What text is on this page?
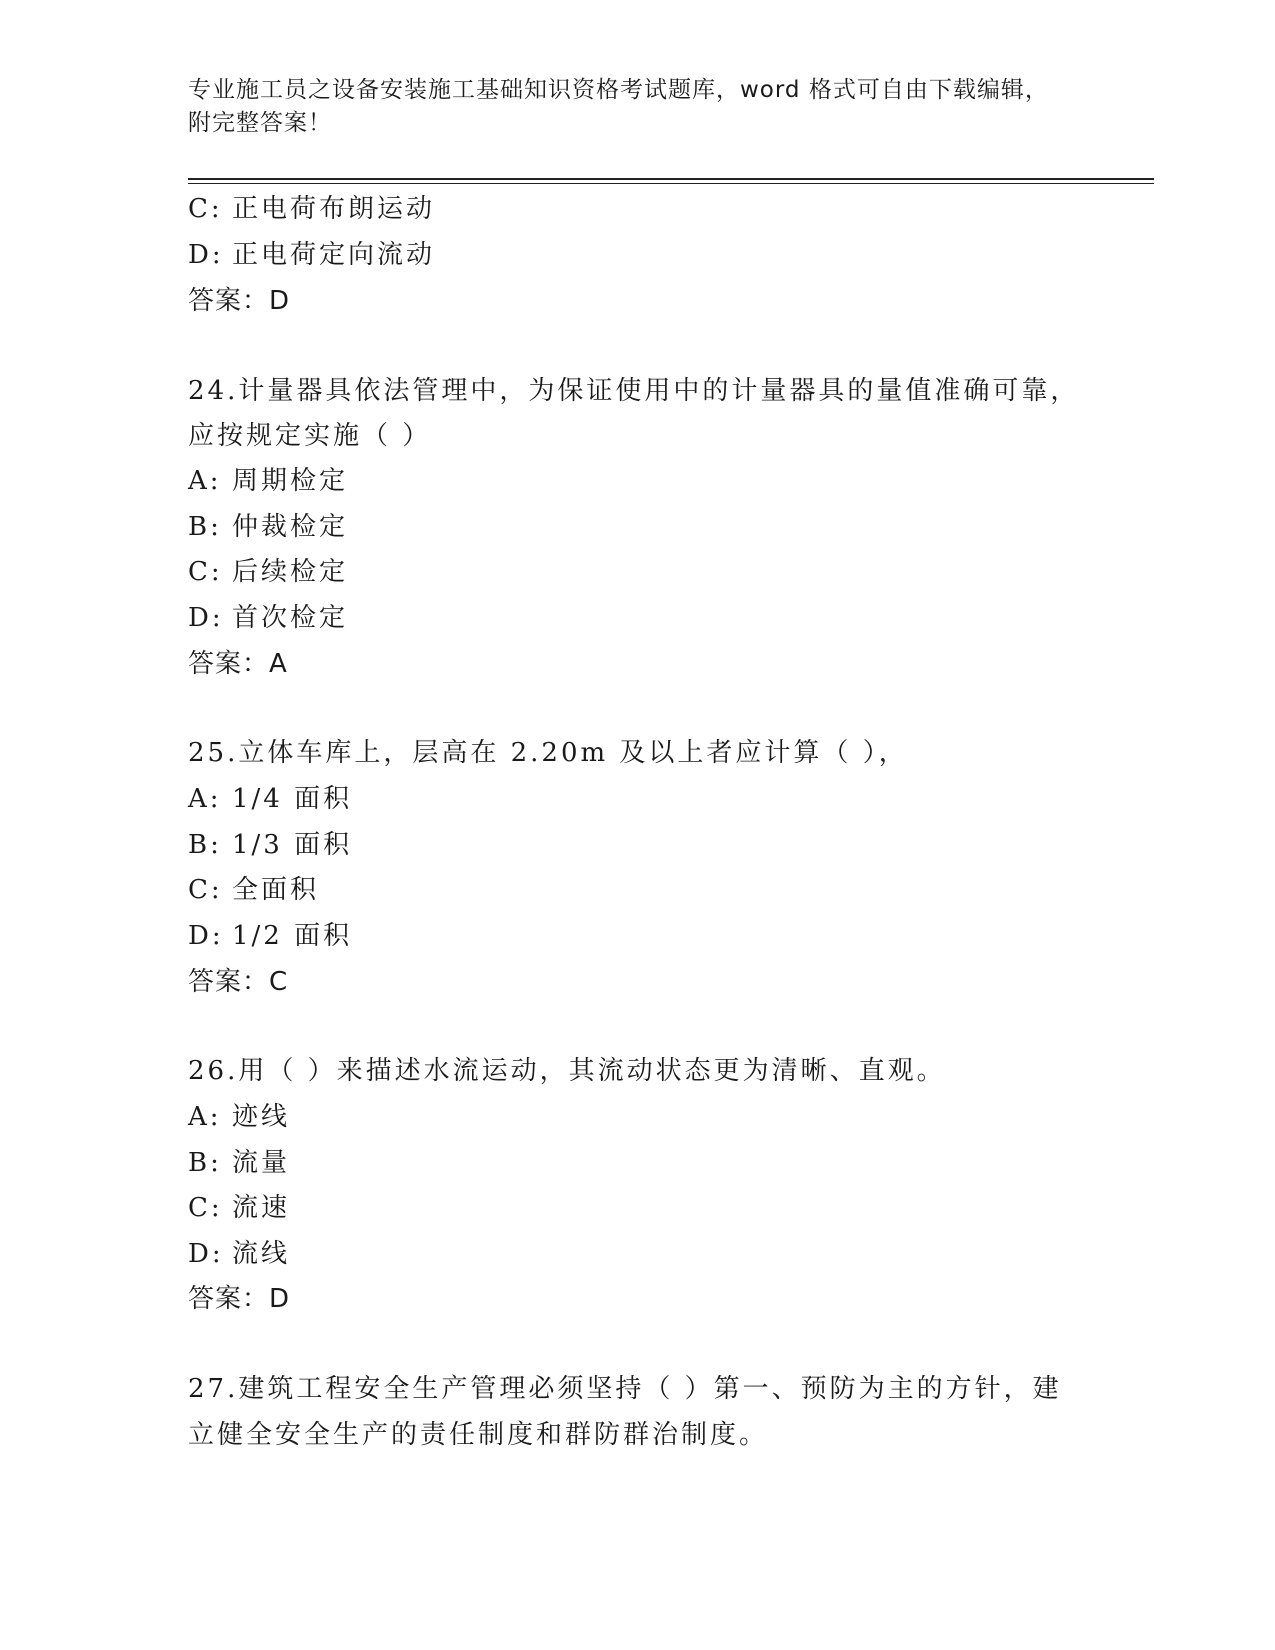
专业施工员之设备安装施工基础知识资格考试题库，word 格式可自由下载编辑，
附完整答案！
C: 正电荷布朗运动
D: 正电荷定向流动
答案：D
24.计量器具依法管理中，为保证使用中的计量器具的量值准确可靠，
应按规定实施（ ）
A: 周期检定
B: 仲裁检定
C: 后续检定
D: 首次检定
答案：A
25.立体车库上，层高在 2.20m 及以上者应计算（ ），
A: 1/4 面积
B: 1/3 面积
C: 全面积
D: 1/2 面积
答案：C
26.用（ ）来描述水流运动，其流动状态更为清晰、直观。
A: 迹线
B: 流量
C: 流速
D: 流线
答案：D
27.建筑工程安全生产管理必须坚持（ ）第一、预防为主的方针，建
立健全安全生产的责任制度和群防群治制度。
